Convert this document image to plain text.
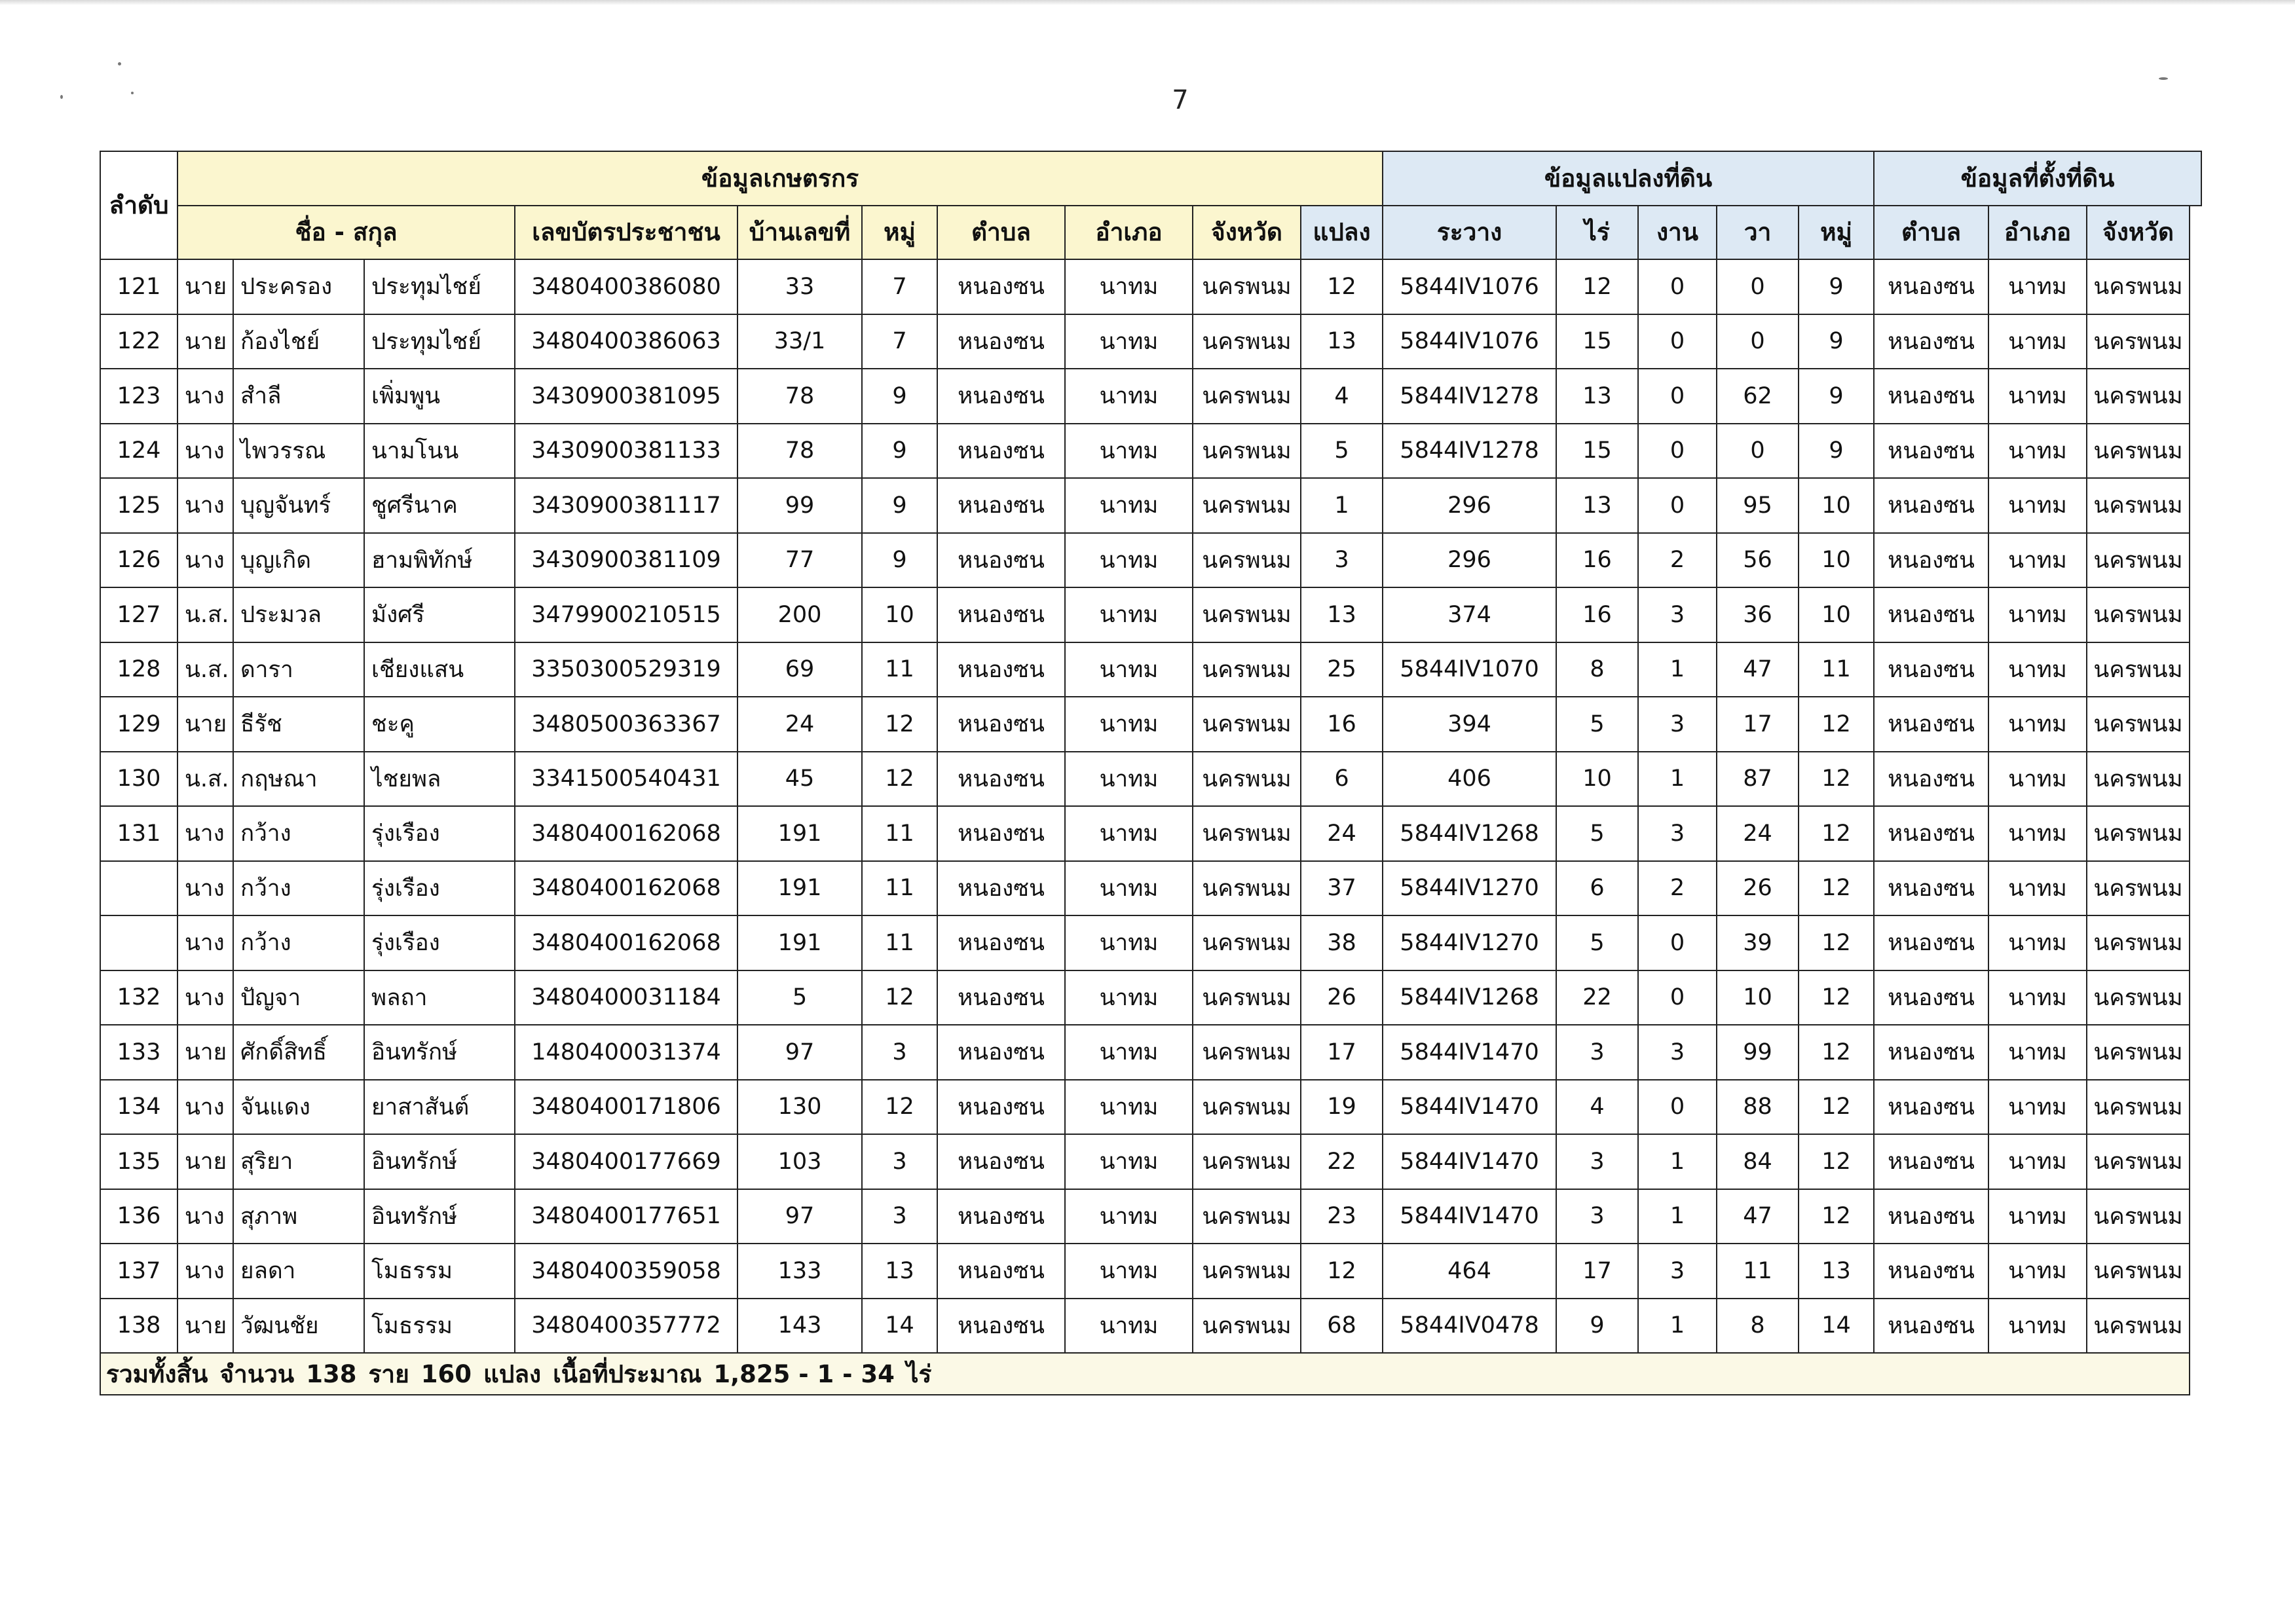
7
ลำดับ	ข้อมูลเกษตรกร										ข้อมูลแปลงที่ดิน					ข้อมูลที่ตั้งที่ดิน		
	ชื่อ - สกุล			เลขบัตรประชาชน	บ้านเลขที่	หมู่	ตำบล	อำเภอ	จังหวัด	แปลง	ระวาง	ไร่	งาน	วา	หมู่	ตำบล	อำเภอ	จังหวัด
121	นาย	ประครอง	ประทุมไชย์	3480400386080	33	7	หนองซน	นาทม	นครพนม	12	5844IV1076	12	0	0	9	หนองซน	นาทม	นครพนม
122	นาย	ก้องไชย์	ประทุมไชย์	3480400386063	33/1	7	หนองซน	นาทม	นครพนม	13	5844IV1076	15	0	0	9	หนองซน	นาทม	นครพนม
123	นาง	สำลี	เพิ่มพูน	3430900381095	78	9	หนองซน	นาทม	นครพนม	4	5844IV1278	13	0	62	9	หนองซน	นาทม	นครพนม
124	นาง	ไพวรรณ	นามโนน	3430900381133	78	9	หนองซน	นาทม	นครพนม	5	5844IV1278	15	0	0	9	หนองซน	นาทม	นครพนม
125	นาง	บุญจันทร์	ชูศรีนาค	3430900381117	99	9	หนองซน	นาทม	นครพนม	1	296	13	0	95	10	หนองซน	นาทม	นครพนม
126	นาง	บุญเกิด	ฮามพิทักษ์	3430900381109	77	9	หนองซน	นาทม	นครพนม	3	296	16	2	56	10	หนองซน	นาทม	นครพนม
127	น.ส.	ประมวล	มังศรี	3479900210515	200	10	หนองซน	นาทม	นครพนม	13	374	16	3	36	10	หนองซน	นาทม	นครพนม
128	น.ส.	ดารา	เชียงแสน	3350300529319	69	11	หนองซน	นาทม	นครพนม	25	5844IV1070	8	1	47	11	หนองซน	นาทม	นครพนม
129	นาย	ธีรัช	ชะคู	3480500363367	24	12	หนองซน	นาทม	นครพนม	16	394	5	3	17	12	หนองซน	นาทม	นครพนม
130	น.ส.	กฤษณา	ไชยพล	3341500540431	45	12	หนองซน	นาทม	นครพนม	6	406	10	1	87	12	หนองซน	นาทม	นครพนม
131	นาง	กว้าง	รุ่งเรือง	3480400162068	191	11	หนองซน	นาทม	นครพนม	24	5844IV1268	5	3	24	12	หนองซน	นาทม	นครพนม
	นาง	กว้าง	รุ่งเรือง	3480400162068	191	11	หนองซน	นาทม	นครพนม	37	5844IV1270	6	2	26	12	หนองซน	นาทม	นครพนม
	นาง	กว้าง	รุ่งเรือง	3480400162068	191	11	หนองซน	นาทม	นครพนม	38	5844IV1270	5	0	39	12	หนองซน	นาทม	นครพนม
132	นาง	ปัญจา	พลถา	3480400031184	5	12	หนองซน	นาทม	นครพนม	26	5844IV1268	22	0	10	12	หนองซน	นาทม	นครพนม
133	นาย	ศักดิ์สิทธิ์	อินทรักษ์	1480400031374	97	3	หนองซน	นาทม	นครพนม	17	5844IV1470	3	3	99	12	หนองซน	นาทม	นครพนม
134	นาง	จันแดง	ยาสาสันต์	3480400171806	130	12	หนองซน	นาทม	นครพนม	19	5844IV1470	4	0	88	12	หนองซน	นาทม	นครพนม
135	นาย	สุริยา	อินทรักษ์	3480400177669	103	3	หนองซน	นาทม	นครพนม	22	5844IV1470	3	1	84	12	หนองซน	นาทม	นครพนม
136	นาง	สุภาพ	อินทรักษ์	3480400177651	97	3	หนองซน	นาทม	นครพนม	23	5844IV1470	3	1	47	12	หนองซน	นาทม	นครพนม
137	นาง	ยลดา	โมธรรม	3480400359058	133	13	หนองซน	นาทม	นครพนม	12	464	17	3	11	13	หนองซน	นาทม	นครพนม
138	นาย	วัฒนชัย	โมธรรม	3480400357772	143	14	หนองซน	นาทม	นครพนม	68	5844IV0478	9	1	8	14	หนองซน	นาทม	นครพนม
รวมทั้งสิ้น จำนวน 138 ราย 160 แปลง เนื้อที่ประมาณ 1,825 - 1 - 34 ไร่																		
